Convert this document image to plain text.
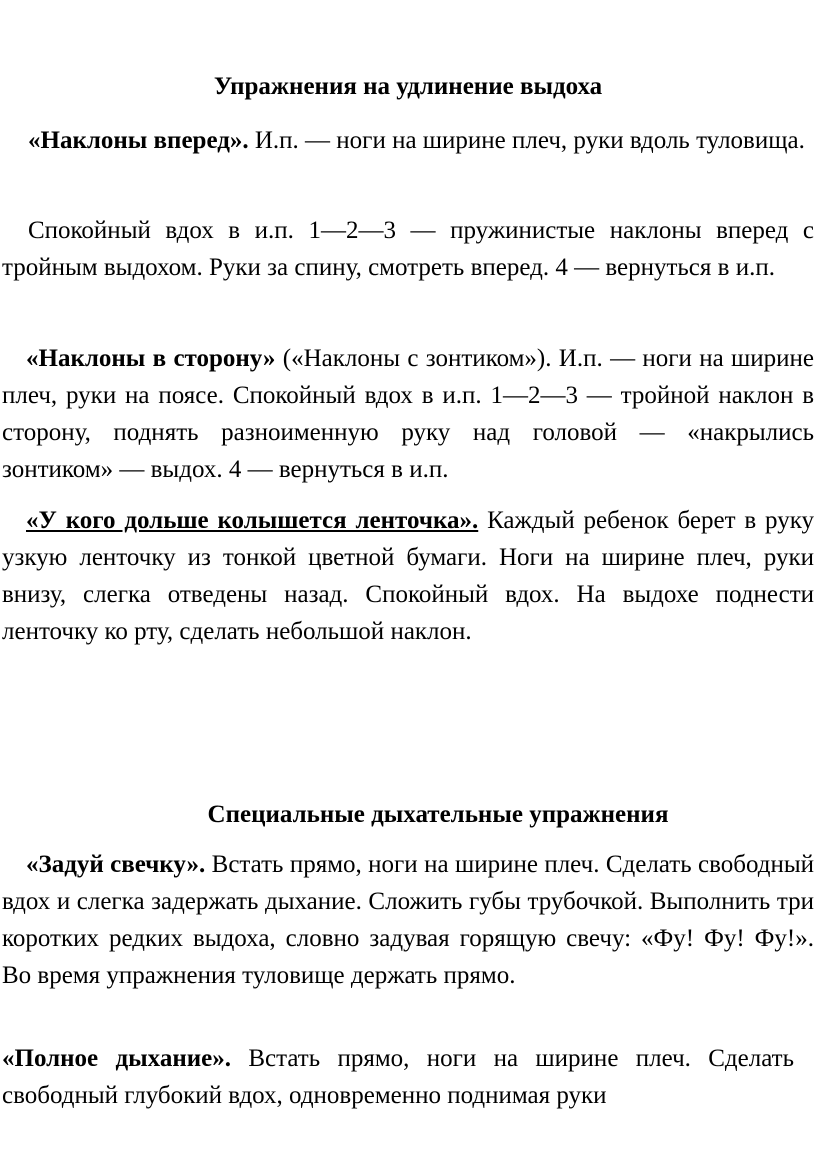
Упражнения на удлинение выдоха

«Наклоны вперед». И.п. — ноги на ширине плеч, руки вдоль туловища.

Спокойный вдох в и.п. 1—2—3 — пружинистые наклоны вперед с тройным выдохом. Руки за спину, смотреть вперед. 4 — вернуться в и.п.

«Наклоны в сторону» («Наклоны с зонтиком»). И.п. — ноги на ширине плеч, руки на поясе. Спокойный вдох в и.п. 1—2—3 — тройной наклон в сторону, поднять разноименную руку над головой — «накрылись зонтиком» — выдох. 4 — вернуться в и.п.

«У кого дольше колышется ленточка». Каждый ребенок берет в руку узкую ленточку из тонкой цветной бумаги. Ноги на ширине плеч, руки внизу, слегка отведены назад. Спокойный вдох. На выдохе поднести ленточку ко рту, сделать небольшой наклон.

Специальные дыхательные упражнения

«Задуй свечку». Встать прямо, ноги на ширине плеч. Сделать свободный вдох и слегка задержать дыхание. Сложить губы трубочкой. Выполнить три коротких редких выдоха, словно задувая горящую свечу: «Фу! Фу! Фу!». Во время упражнения туловище держать прямо.

«Полное дыхание». Встать прямо, ноги на ширине плеч. Сделать свободный глубокий вдох, одновременно поднимая руки
